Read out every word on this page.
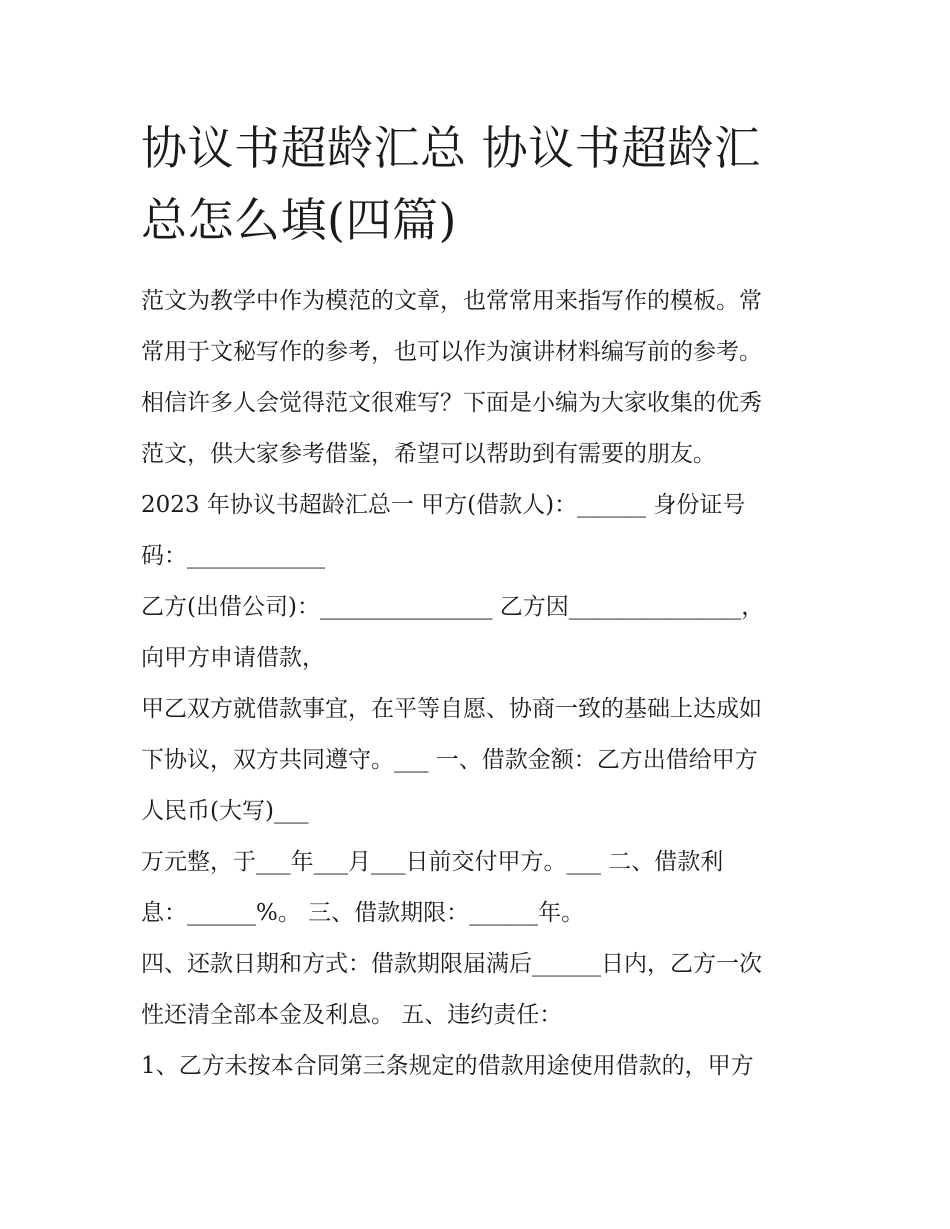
协议书超龄汇总 协议书超龄汇
总怎么填(四篇)
范文为教学中作为模范的文章，也常常用来指写作的模板。常
常用于文秘写作的参考，也可以作为演讲材料编写前的参考。
相信许多人会觉得范文很难写？下面是小编为大家收集的优秀
范文，供大家参考借鉴，希望可以帮助到有需要的朋友。
2023 年协议书超龄汇总一 甲方(借款人)：______ 身份证号
码：____________
乙方(出借公司)：_______________ 乙方因_______________，
向甲方申请借款，
甲乙双方就借款事宜，在平等自愿、协商一致的基础上达成如
下协议，双方共同遵守。___ 一、借款金额：乙方出借给甲方
人民币(大写)___
万元整，于___年___月___日前交付甲方。___ 二、借款利
息：______%。 三、借款期限：______年。
四、还款日期和方式：借款期限届满后______日内，乙方一次
性还清全部本金及利息。 五、违约责任：
1、乙方未按本合同第三条规定的借款用途使用借款的，甲方
